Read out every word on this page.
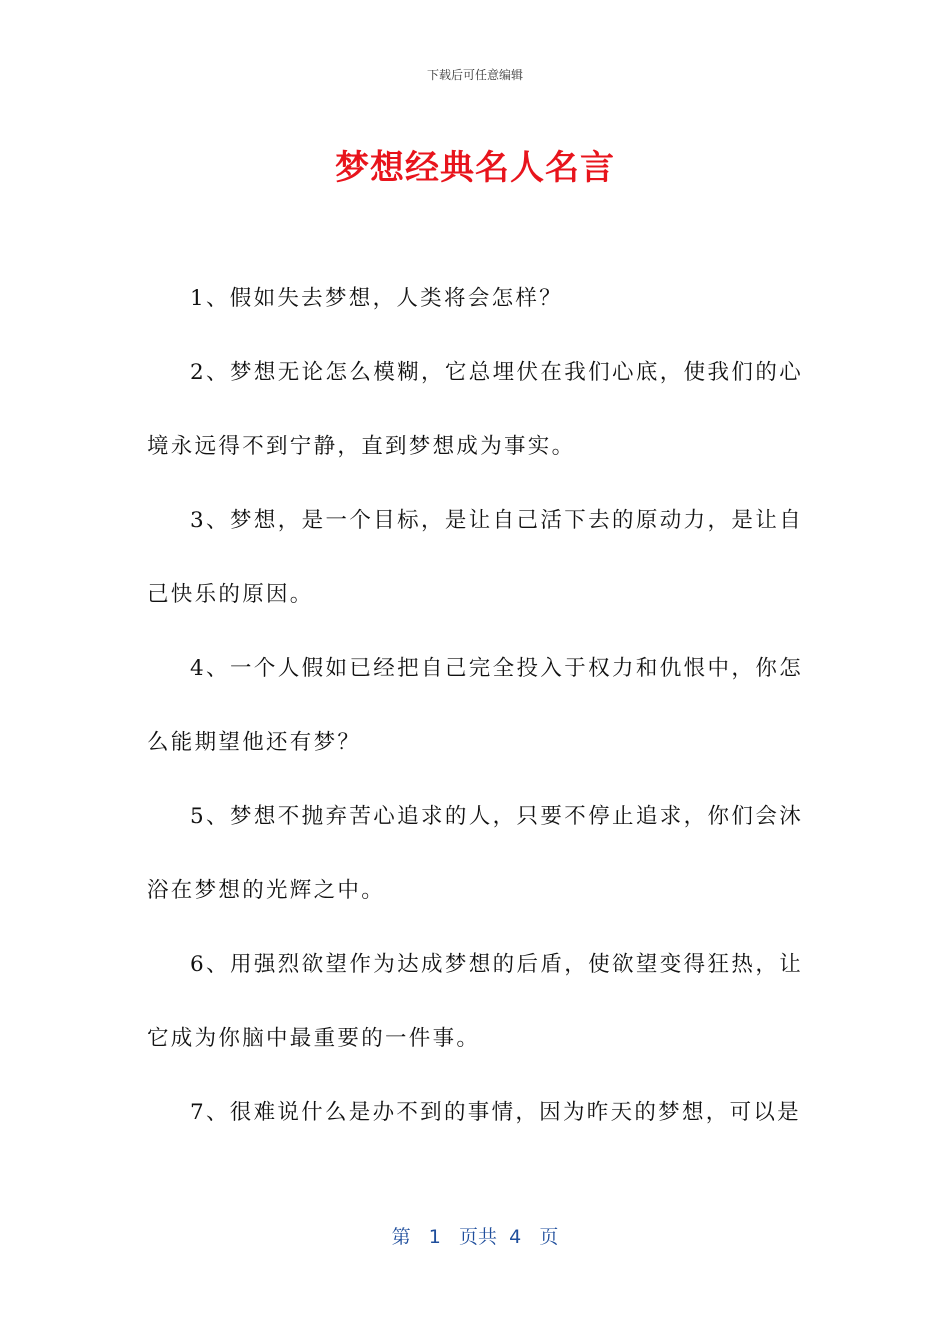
下载后可任意编辑
梦想经典名人名言

1、假如失去梦想，人类将会怎样？

2、梦想无论怎么模糊，它总埋伏在我们心底，使我们的心境永远得不到宁静，直到梦想成为事实。

3、梦想，是一个目标，是让自己活下去的原动力，是让自己快乐的原因。

4、一个人假如已经把自己完全投入于权力和仇恨中，你怎么能期望他还有梦？

5、梦想不抛弃苦心追求的人，只要不停止追求，你们会沐浴在梦想的光辉之中。

6、用强烈欲望作为达成梦想的后盾，使欲望变得狂热，让它成为你脑中最重要的一件事。

7、很难说什么是办不到的事情，因为昨天的梦想，可以是

第 1 页共 4 页
